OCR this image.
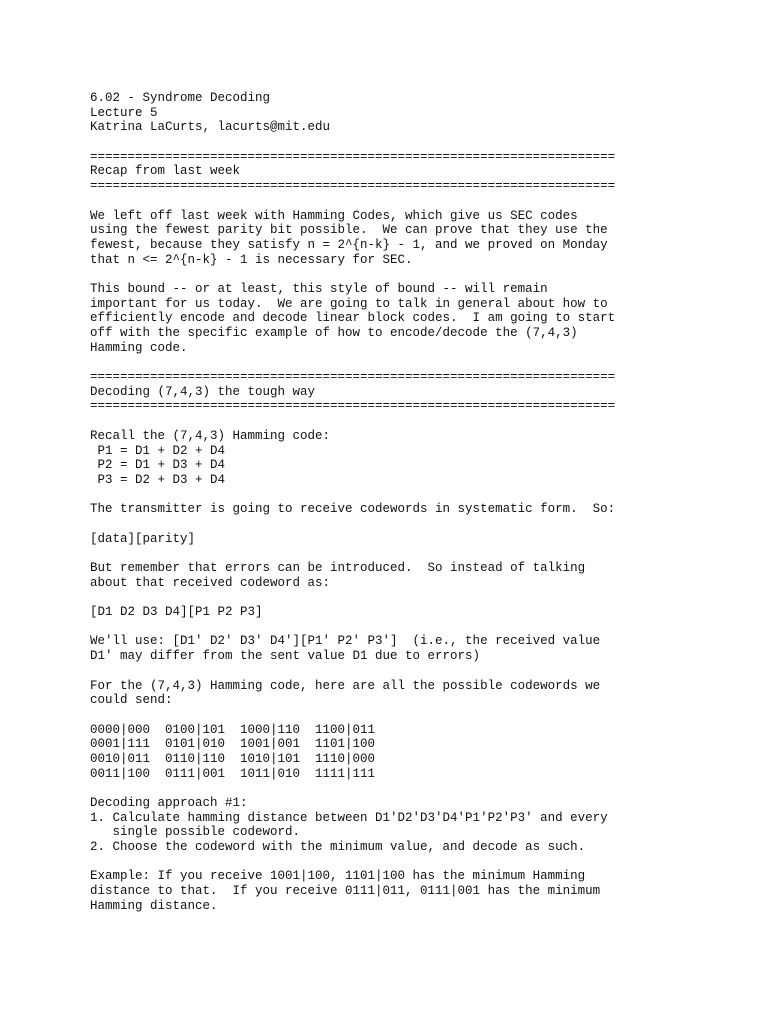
6.02 - Syndrome Decoding
Lecture 5
Katrina LaCurts, lacurts@mit.edu
======================================================================
Recap from last week
======================================================================
We left off last week with Hamming Codes, which give us SEC codes
using the fewest parity bit possible.  We can prove that they use the
fewest, because they satisfy n = 2^{n-k} - 1, and we proved on Monday
that n <= 2^{n-k} - 1 is necessary for SEC.
This bound -- or at least, this style of bound -- will remain
important for us today.  We are going to talk in general about how to
efficiently encode and decode linear block codes.  I am going to start
off with the specific example of how to encode/decode the (7,4,3)
Hamming code.
======================================================================
Decoding (7,4,3) the tough way
======================================================================
Recall the (7,4,3) Hamming code:
P1 = D1 + D2 + D4
P2 = D1 + D3 + D4
P3 = D2 + D3 + D4
The transmitter is going to receive codewords in systematic form.  So:
[data][parity]
But remember that errors can be introduced.  So instead of talking
about that received codeword as:
[D1 D2 D3 D4][P1 P2 P3]
We'll use: [D1' D2' D3' D4'][P1' P2' P3']  (i.e., the received value
D1' may differ from the sent value D1 due to errors)
For the (7,4,3) Hamming code, here are all the possible codewords we
could send:
0000|000  0100|101  1000|110  1100|011
0001|111  0101|010  1001|001  1101|100
0010|011  0110|110  1010|101  1110|000
0011|100  0111|001  1011|010  1111|111
Decoding approach #1:
1. Calculate hamming distance between D1'D2'D3'D4'P1'P2'P3' and every
single possible codeword.
2. Choose the codeword with the minimum value, and decode as such.
Example: If you receive 1001|100, 1101|100 has the minimum Hamming
distance to that.  If you receive 0111|011, 0111|001 has the minimum
Hamming distance.
